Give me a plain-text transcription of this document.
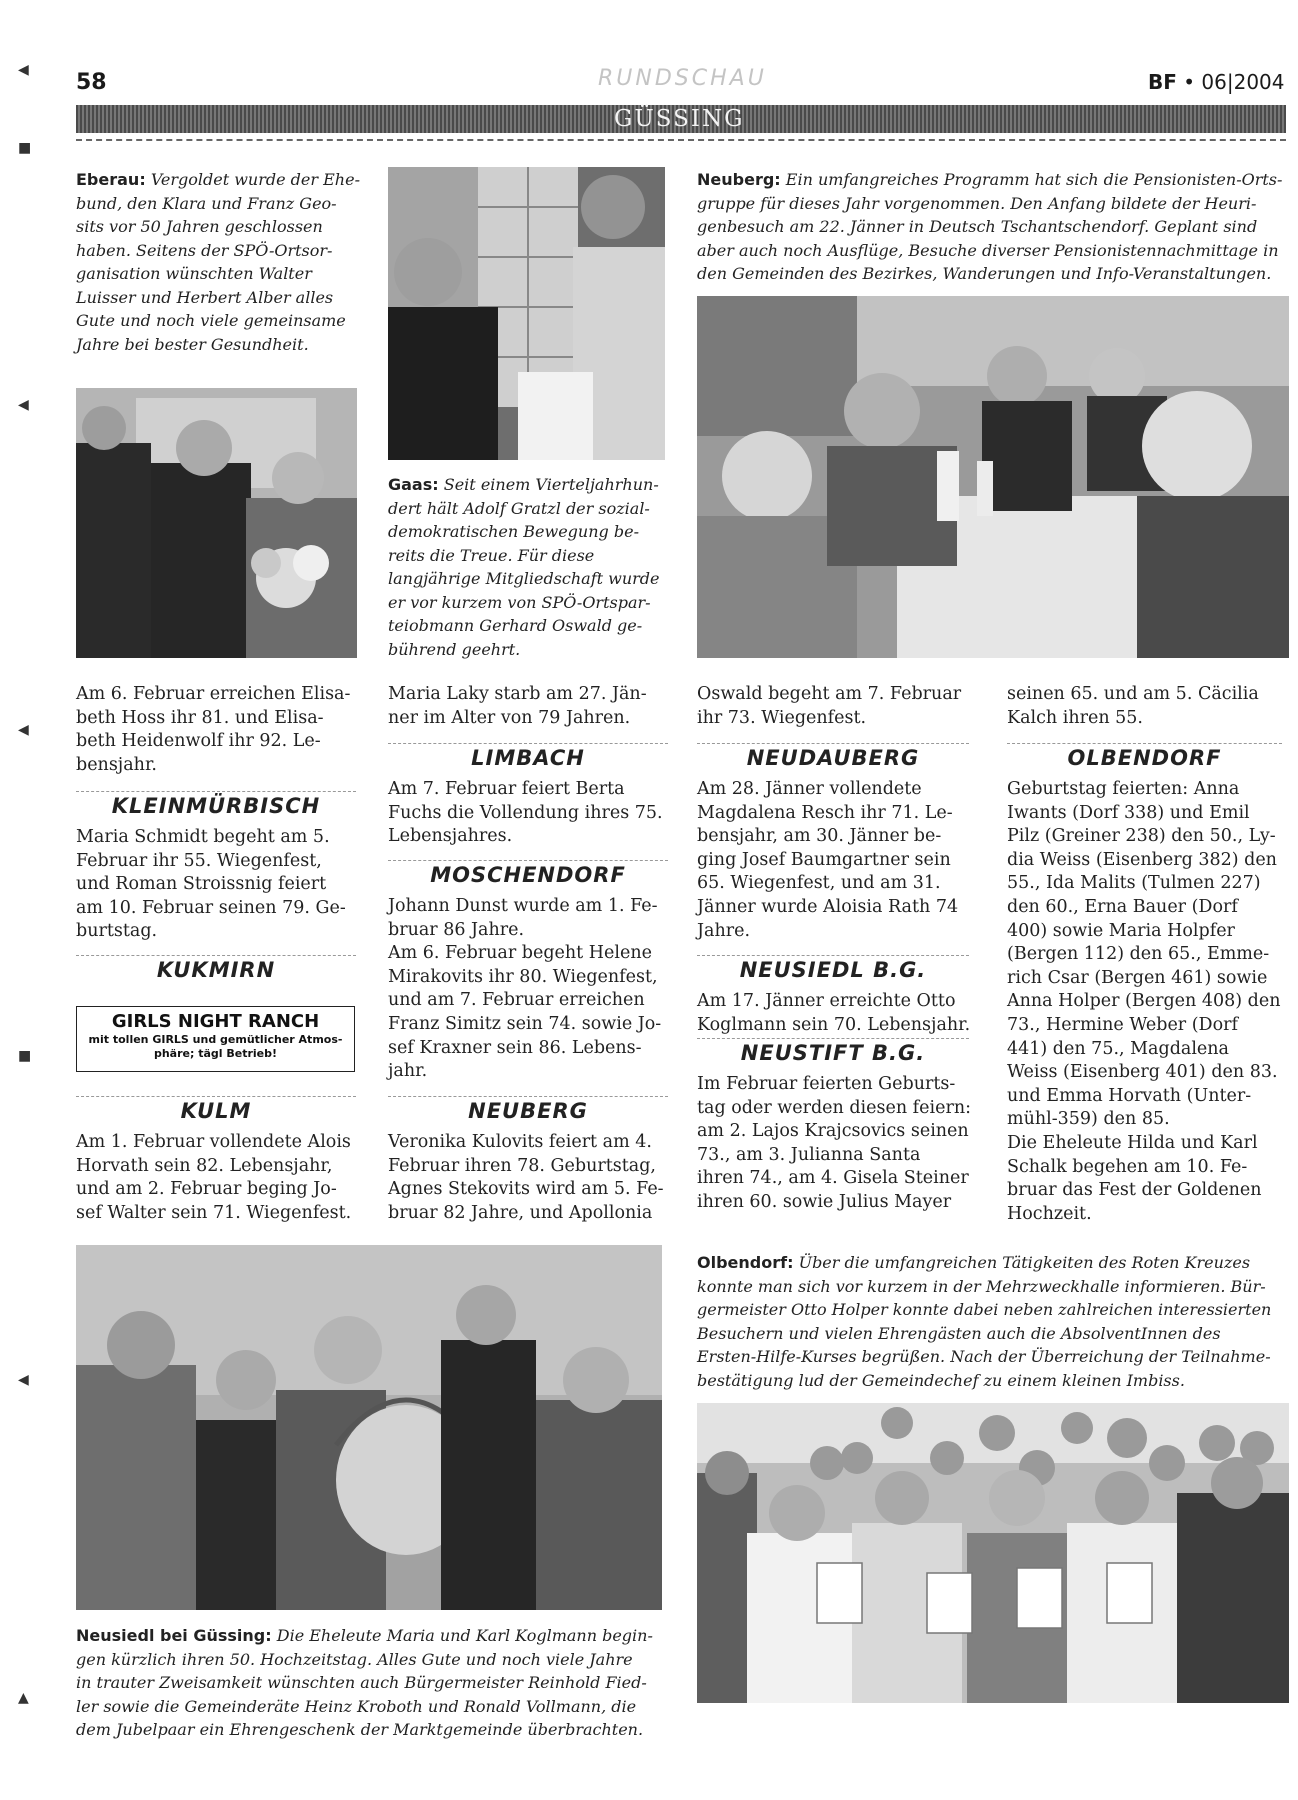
58	RUNDSCHAU	BF • 06|2004
GÜSSING
Eberau: Vergoldet wurde der Ehe-
bund, den Klara und Franz Geo-
sits vor 50 Jahren geschlossen
haben. Seitens der SPÖ-Ortsor-
ganisation wünschten Walter
Luisser und Herbert Alber alles
Gute und noch viele gemeinsame
Jahre bei bester Gesundheit.
Gaas: Seit einem Vierteljahrhun-
dert hält Adolf Gratzl der sozial-
demokratischen Bewegung be-
reits die Treue. Für diese
langjährige Mitgliedschaft wurde
er vor kurzem von SPÖ-Ortspar-
teiobmann Gerhard Oswald ge-
bührend geehrt.
Neuberg: Ein umfangreiches Programm hat sich die Pensionisten-Orts-
gruppe für dieses Jahr vorgenommen. Den Anfang bildete der Heuri-
genbesuch am 22. Jänner in Deutsch Tschantschendorf. Geplant sind
aber auch noch Ausflüge, Besuche diverser Pensionistennachmittage in
den Gemeinden des Bezirkes, Wanderungen und Info-Veranstaltungen.
Am 6. Februar erreichen Elisa-
beth Hoss ihr 81. und Elisa-
beth Heidenwolf ihr 92. Le-
bensjahr.
KLEINMÜRBISCH
Maria Schmidt begeht am 5.
Februar ihr 55. Wiegenfest,
und Roman Stroissnig feiert
am 10. Februar seinen 79. Ge-
burtstag.
KUKMIRN
GIRLS NIGHT RANCH
mit tollen GIRLS und gemütlicher Atmos-
phäre; tägl Betrieb!
KULM
Am 1. Februar vollendete Alois
Horvath sein 82. Lebensjahr,
und am 2. Februar beging Jo-
sef Walter sein 71. Wiegenfest.
Maria Laky starb am 27. Jän-
ner im Alter von 79 Jahren.
LIMBACH
Am 7. Februar feiert Berta
Fuchs die Vollendung ihres 75.
Lebensjahres.
MOSCHENDORF
Johann Dunst wurde am 1. Fe-
bruar 86 Jahre.
Am 6. Februar begeht Helene
Mirakovits ihr 80. Wiegenfest,
und am 7. Februar erreichen
Franz Simitz sein 74. sowie Jo-
sef Kraxner sein 86. Lebens-
jahr.
NEUBERG
Veronika Kulovits feiert am 4.
Februar ihren 78. Geburtstag,
Agnes Stekovits wird am 5. Fe-
bruar 82 Jahre, und Apollonia
Oswald begeht am 7. Februar
ihr 73. Wiegenfest.
NEUDAUBERG
Am 28. Jänner vollendete
Magdalena Resch ihr 71. Le-
bensjahr, am 30. Jänner be-
ging Josef Baumgartner sein
65. Wiegenfest, und am 31.
Jänner wurde Aloisia Rath 74
Jahre.
NEUSIEDL B.G.
Am 17. Jänner erreichte Otto
Koglmann sein 70. Lebensjahr.
NEUSTIFT B.G.
Im Februar feierten Geburts-
tag oder werden diesen feiern:
am 2. Lajos Krajcsovics seinen
73., am 3. Julianna Santa
ihren 74., am 4. Gisela Steiner
ihren 60. sowie Julius Mayer
seinen 65. und am 5. Cäcilia
Kalch ihren 55.
OLBENDORF
Geburtstag feierten: Anna
Iwants (Dorf 338) und Emil
Pilz (Greiner 238) den 50., Ly-
dia Weiss (Eisenberg 382) den
55., Ida Malits (Tulmen 227)
den 60., Erna Bauer (Dorf
400) sowie Maria Holpfer
(Bergen 112) den 65., Emme-
rich Csar (Bergen 461) sowie
Anna Holper (Bergen 408) den
73., Hermine Weber (Dorf
441) den 75., Magdalena
Weiss (Eisenberg 401) den 83.
und Emma Horvath (Unter-
mühl-359) den 85.
Die Eheleute Hilda und Karl
Schalk begehen am 10. Fe-
bruar das Fest der Goldenen
Hochzeit.
Neusiedl bei Güssing: Die Eheleute Maria und Karl Koglmann begin-
gen kürzlich ihren 50. Hochzeitstag. Alles Gute und noch viele Jahre
in trauter Zweisamkeit wünschten auch Bürgermeister Reinhold Fied-
ler sowie die Gemeinderäte Heinz Kroboth und Ronald Vollmann, die
dem Jubelpaar ein Ehrengeschenk der Marktgemeinde überbrachten.
Olbendorf: Über die umfangreichen Tätigkeiten des Roten Kreuzes
konnte man sich vor kurzem in der Mehrzweckhalle informieren. Bür-
germeister Otto Holper konnte dabei neben zahlreichen interessierten
Besuchern und vielen Ehrengästen auch die AbsolventInnen des
Ersten-Hilfe-Kurses begrüßen. Nach der Überreichung der Teilnahme-
bestätigung lud der Gemeindechef zu einem kleinen Imbiss.
◀
■
◀
◀
■
◀
▲
